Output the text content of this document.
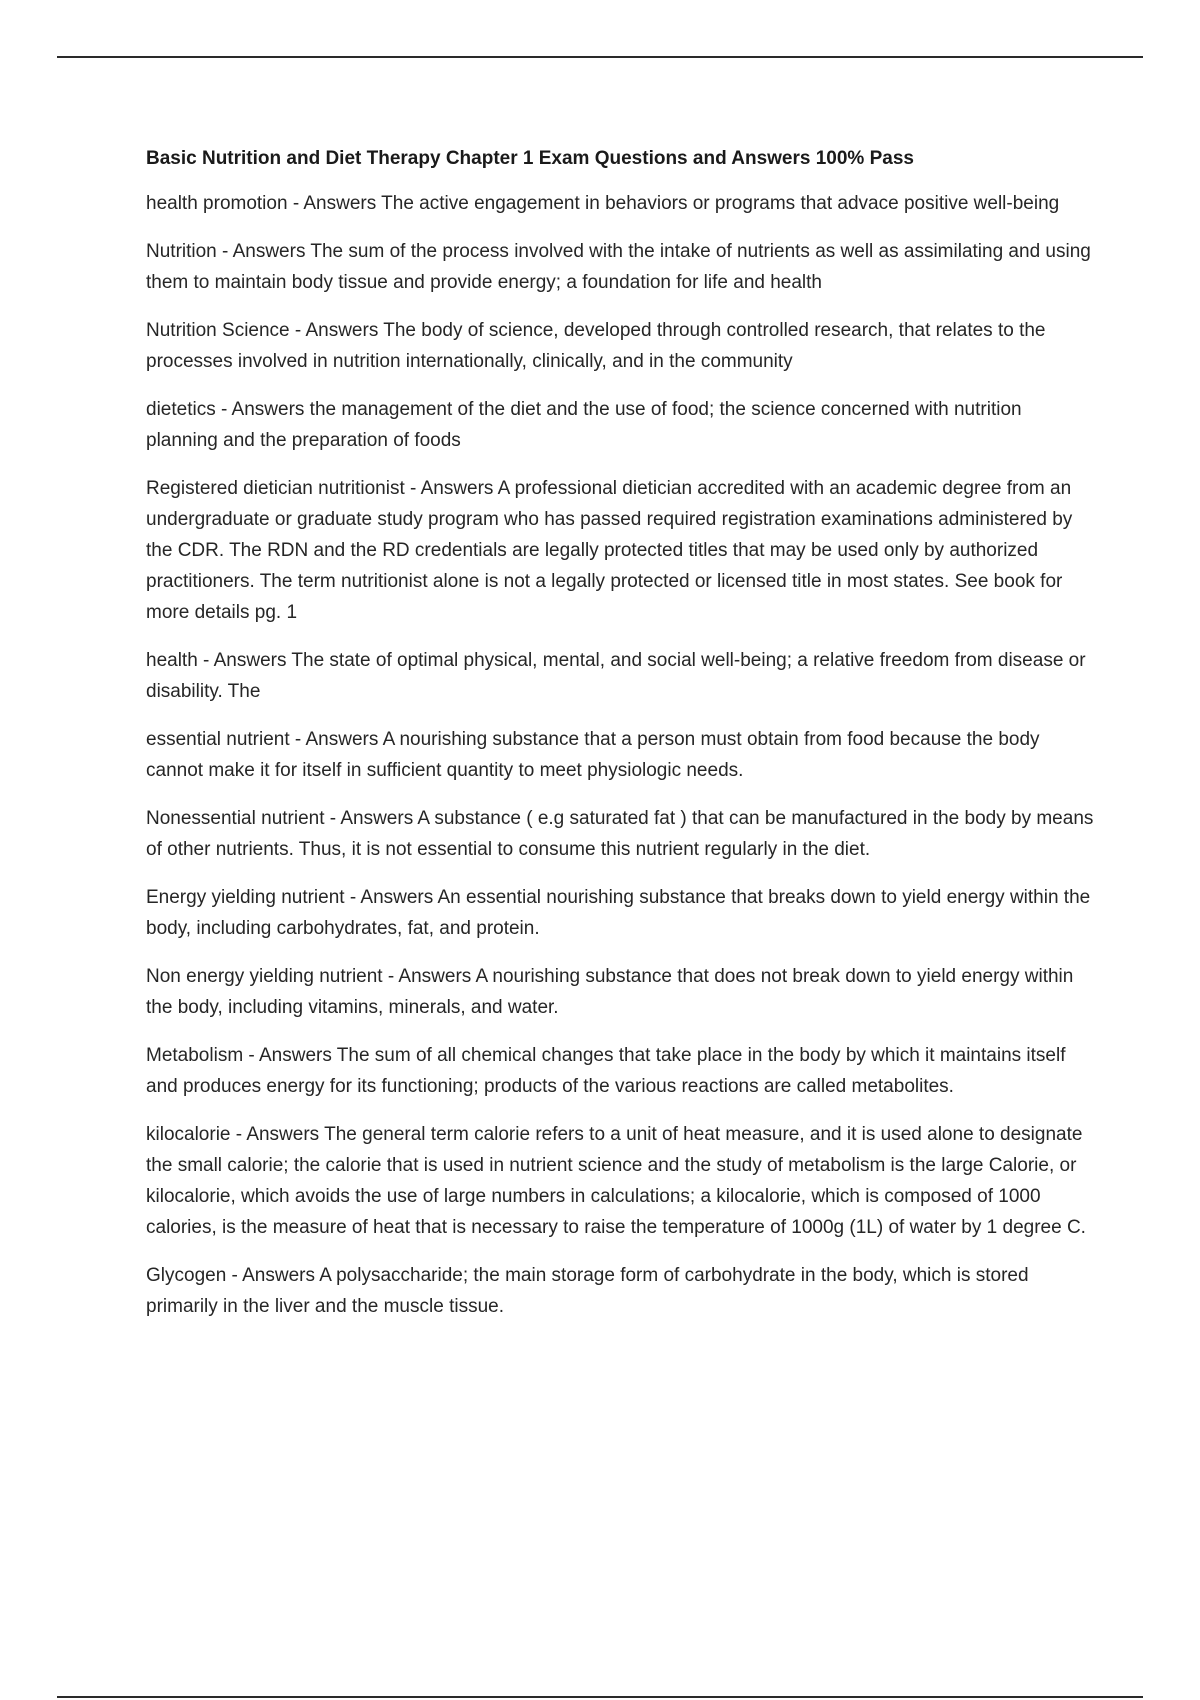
Basic Nutrition and Diet Therapy Chapter 1 Exam Questions and Answers 100% Pass

health promotion - Answers The active engagement in behaviors or programs that advace positive well-being

Nutrition - Answers The sum of the process involved with the intake of nutrients as well as assimilating and using them to maintain body tissue and provide energy; a foundation for life and health

Nutrition Science - Answers The body of science, developed through controlled research, that relates to the processes involved in nutrition internationally, clinically, and in the community

dietetics - Answers the management of the diet and the use of food; the science concerned with nutrition planning and the preparation of foods

Registered dietician nutritionist - Answers A professional dietician accredited with an academic degree from an undergraduate or graduate study program who has passed required registration examinations administered by the CDR. The RDN and the RD credentials are legally protected titles that may be used only by authorized practitioners. The term nutritionist alone is not a legally protected or licensed title in most states. See book for more details pg. 1

health - Answers The state of optimal physical, mental, and social well-being; a relative freedom from disease or disability. The

essential nutrient - Answers A nourishing substance that a person must obtain from food because the body cannot make it for itself in sufficient quantity to meet physiologic needs.

Nonessential nutrient - Answers A substance ( e.g saturated fat ) that can be manufactured in the body by means of other nutrients. Thus, it is not essential to consume this nutrient regularly in the diet.

Energy yielding nutrient - Answers An essential nourishing substance that breaks down to yield energy within the body, including carbohydrates, fat, and protein.

Non energy yielding nutrient - Answers A nourishing substance that does not break down to yield energy within the body, including vitamins, minerals, and water.

Metabolism - Answers The sum of all chemical changes that take place in the body by which it maintains itself and produces energy for its functioning; products of the various reactions are called metabolites.

kilocalorie - Answers The general term calorie refers to a unit of heat measure, and it is used alone to designate the small calorie; the calorie that is used in nutrient science and the study of metabolism is the large Calorie, or kilocalorie, which avoids the use of large numbers in calculations; a kilocalorie, which is composed of 1000 calories, is the measure of heat that is necessary to raise the temperature of 1000g (1L) of water by 1 degree C.

Glycogen - Answers A polysaccharide; the main storage form of carbohydrate in the body, which is stored primarily in the liver and the muscle tissue.
